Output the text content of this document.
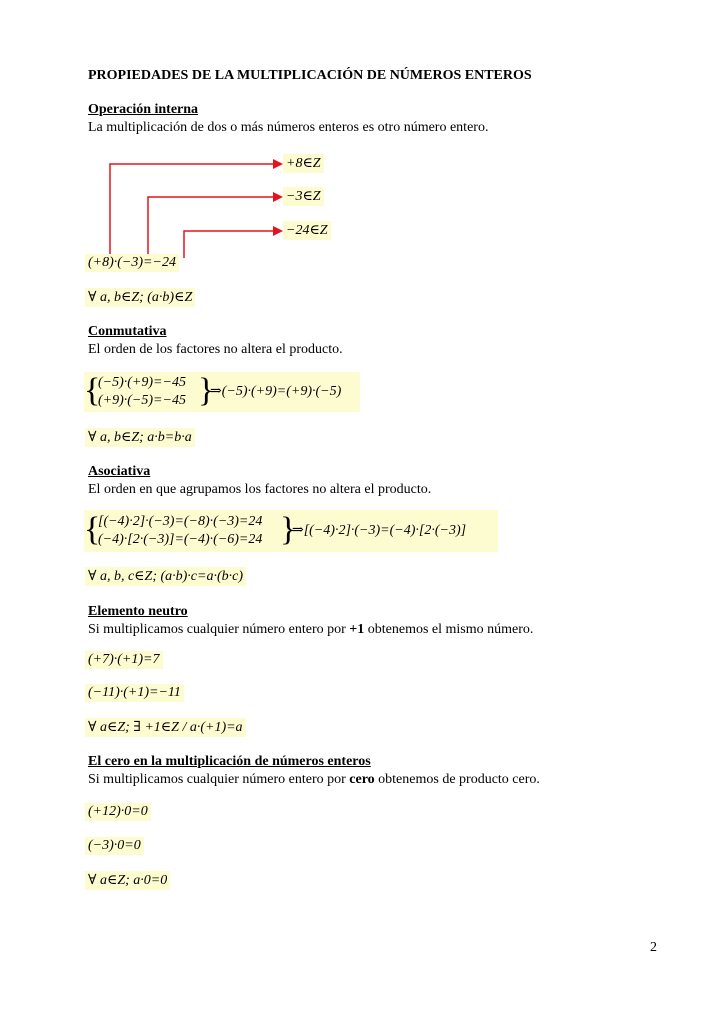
PROPIEDADES DE LA MULTIPLICACIÓN DE NÚMEROS ENTEROS
Operación interna
La multiplicación de dos o más números enteros es otro número entero.
+8∈Z
−3∈Z
−24∈Z
(+8)·(−3)=−24
∀ a, b∈Z; (a·b)∈Z
Conmutativa
El orden de los factores no altera el producto.
{
(−5)·(+9)=−45
(+9)·(−5)=−45 }
⇒(−5)·(+9)=(+9)·(−5)
∀ a, b∈Z; a·b=b·a
Asociativa
El orden en que agrupamos los factores no altera el producto.
{
[(−4)·2]·(−3)=(−8)·(−3)=24
(−4)·[2·(−3)]=(−4)·(−6)=24 }
⇒[(−4)·2]·(−3)=(−4)·[2·(−3)]
∀ a, b, c∈Z; (a·b)·c=a·(b·c)
Elemento neutro
Si multiplicamos cualquier número entero por +1 obtenemos el mismo número.
(+7)·(+1)=7
(−11)·(+1)=−11
∀ a∈Z; ∃ +1∈Z / a·(+1)=a
El cero en la multiplicación de números enteros
Si multiplicamos cualquier número entero por cero obtenemos de producto cero.
(+12)·0=0
(−3)·0=0
∀ a∈Z; a·0=0
2
